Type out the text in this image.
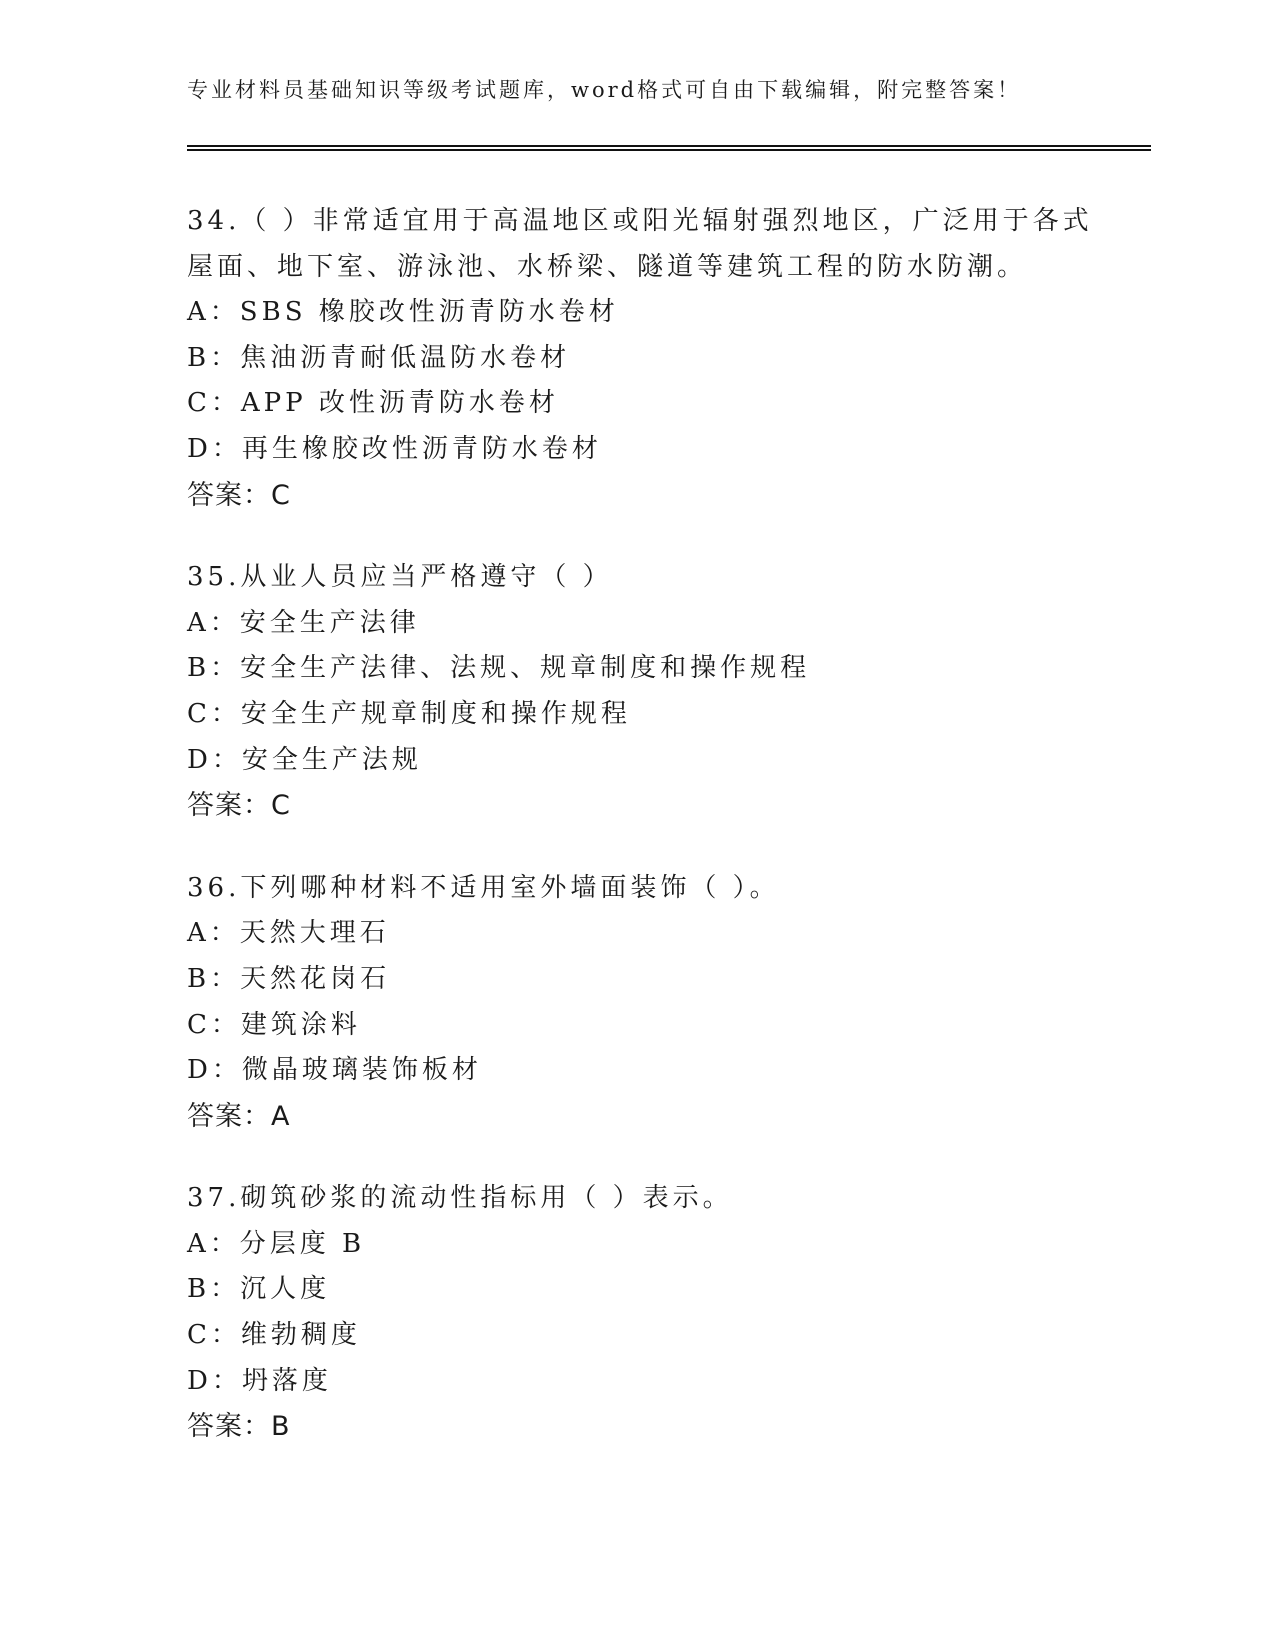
专业材料员基础知识等级考试题库，word格式可自由下载编辑，附完整答案！
34.（ ）非常适宜用于高温地区或阳光辐射强烈地区，广泛用于各式
屋面、地下室、游泳池、水桥梁、隧道等建筑工程的防水防潮。
A：SBS 橡胶改性沥青防水卷材
B：焦油沥青耐低温防水卷材
C：APP 改性沥青防水卷材
D：再生橡胶改性沥青防水卷材
答案：C
35.从业人员应当严格遵守（ ）
A：安全生产法律
B：安全生产法律、法规、规章制度和操作规程
C：安全生产规章制度和操作规程
D：安全生产法规
答案：C
36.下列哪种材料不适用室外墙面装饰（ ）。
A：天然大理石
B：天然花岗石
C：建筑涂料
D：微晶玻璃装饰板材
答案：A
37.砌筑砂浆的流动性指标用（ ）表示。
A：分层度 B
B：沉人度
C：维勃稠度
D：坍落度
答案：B
